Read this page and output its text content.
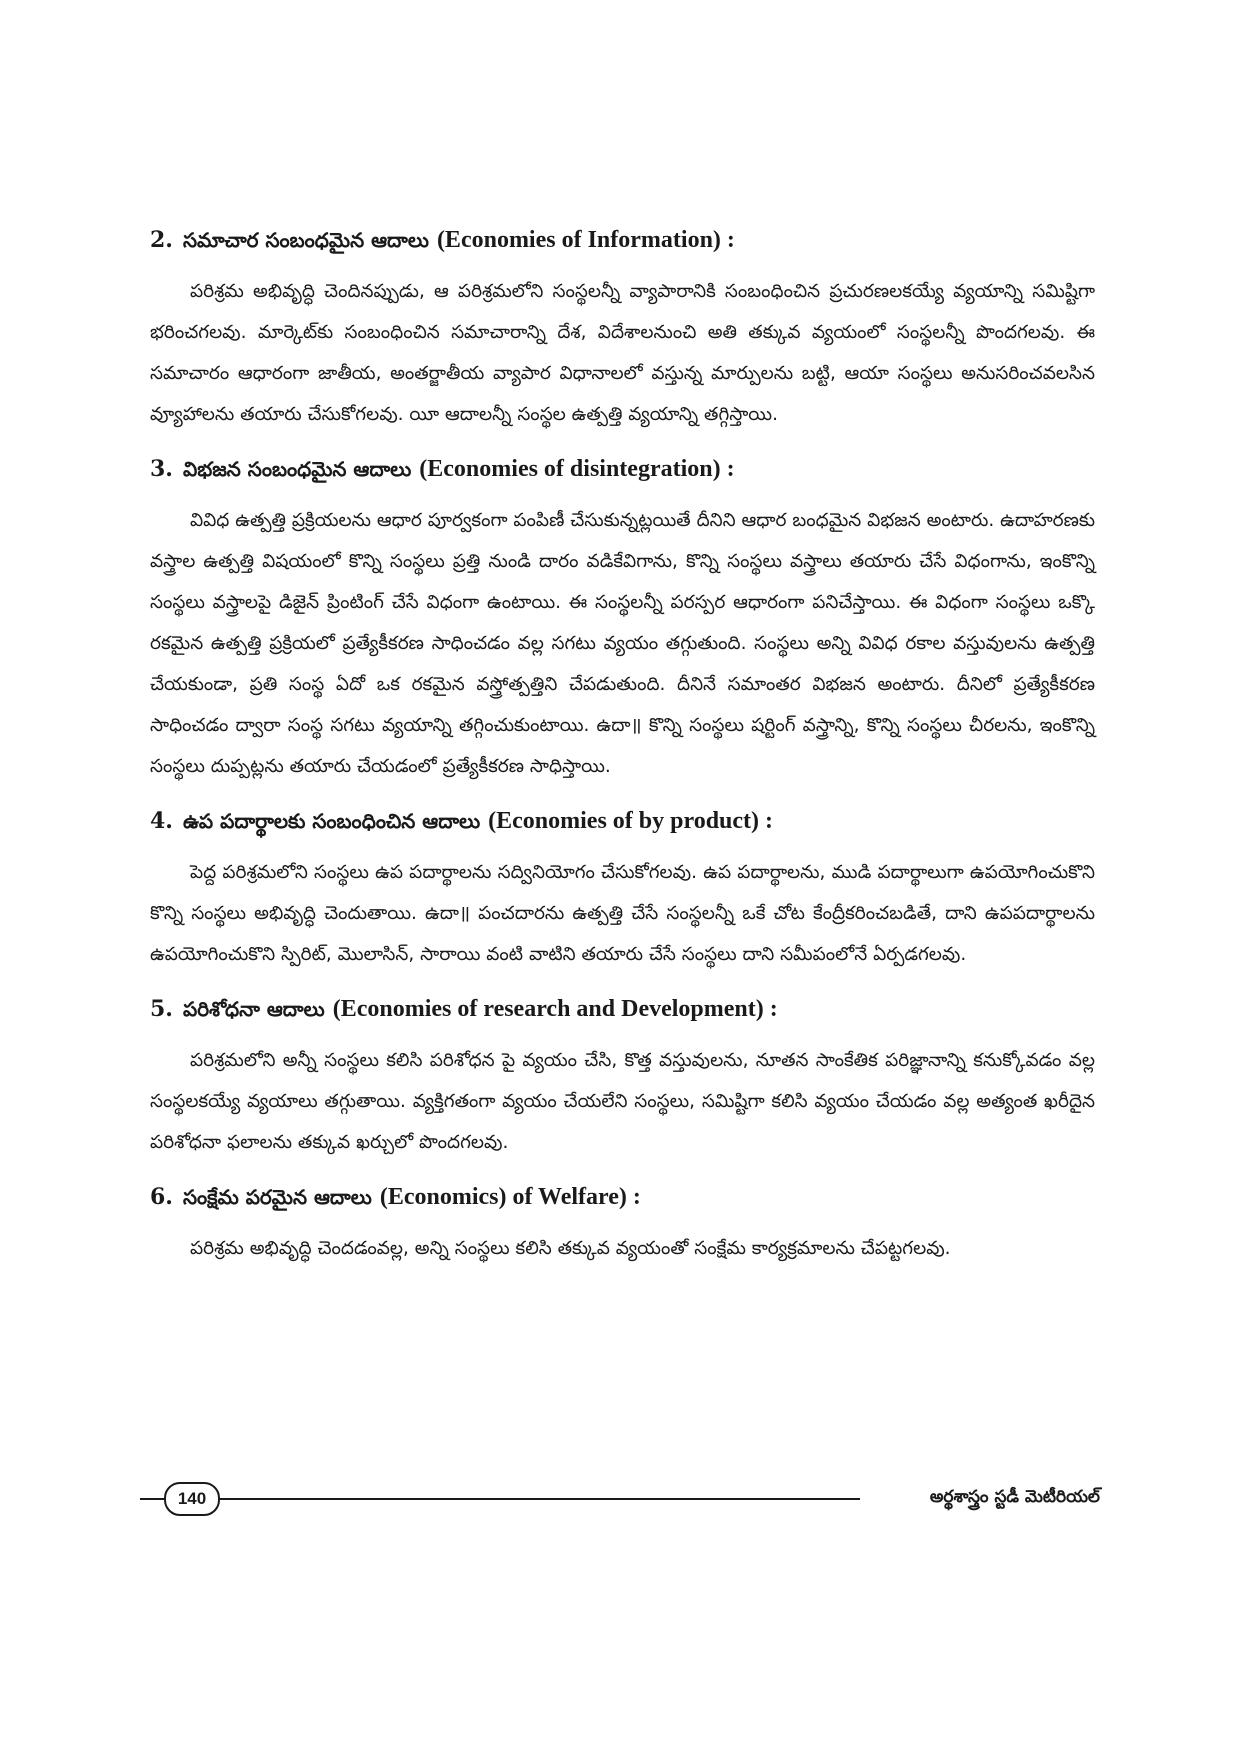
2. సమాచార సంబంధమైన ఆదాలు (Economies of Information) :

పరిశ్రమ అభివృద్ధి చెందినప్పుడు, ఆ పరిశ్రమలోని సంస్థలన్నీ వ్యాపారానికి సంబంధించిన ప్రచురణలకయ్యే వ్యయాన్ని సమిష్టిగా భరించగలవు. మార్కెట్‌కు సంబంధించిన సమాచారాన్ని దేశ, విదేశాలనుంచి అతి తక్కువ వ్యయంలో సంస్థలన్నీ పొందగలవు. ఈ సమాచారం ఆధారంగా జాతీయ, అంతర్జాతీయ వ్యాపార విధానాలలో వస్తున్న మార్పులను బట్టి, ఆయా సంస్థలు అనుసరించవలసిన వ్యూహాలను తయారు చేసుకోగలవు. యీ ఆదాలన్నీ సంస్థల ఉత్పత్తి వ్యయాన్ని తగ్గిస్తాయి.

3. విభజన సంబంధమైన ఆదాలు (Economies of disintegration) :

వివిధ ఉత్పత్తి ప్రక్రియలను ఆధార పూర్వకంగా పంపిణీ చేసుకున్నట్లయితే దీనిని ఆధార బంధమైన విభజన అంటారు. ఉదాహరణకు వస్త్రాల ఉత్పత్తి విషయంలో కొన్ని సంస్థలు ప్రత్తి నుండి దారం వడికేవిగాను, కొన్ని సంస్థలు వస్త్రాలు తయారు చేసే విధంగాను, ఇంకొన్ని సంస్థలు వస్త్రాలపై డిజైన్ ప్రింటింగ్ చేసే విధంగా ఉంటాయి. ఈ సంస్థలన్నీ పరస్పర ఆధారంగా పనిచేస్తాయి. ఈ విధంగా సంస్థలు ఒక్కొ రకమైన ఉత్పత్తి ప్రక్రియలో ప్రత్యేకీకరణ సాధించడం వల్ల సగటు వ్యయం తగ్గుతుంది. సంస్థలు అన్ని వివిధ రకాల వస్తువులను ఉత్పత్తి చేయకుండా, ప్రతి సంస్థ ఏదో ఒక రకమైన వస్త్రోత్పత్తిని చేపడుతుంది. దీనినే సమాంతర విభజన అంటారు. దీనిలో ప్రత్యేకీకరణ సాధించడం ద్వారా సంస్థ సగటు వ్యయాన్ని తగ్గించుకుంటాయి. ఉదా॥ కొన్ని సంస్థలు షర్టింగ్ వస్త్రాన్ని, కొన్ని సంస్థలు చీరలను, ఇంకొన్ని సంస్థలు దుప్పట్లను తయారు చేయడంలో ప్రత్యేకీకరణ సాధిస్తాయి.

4. ఉప పదార్థాలకు సంబంధించిన ఆదాలు (Economies of by product) :

పెద్ద పరిశ్రమలోని సంస్థలు ఉప పదార్థాలను సద్వినియోగం చేసుకోగలవు. ఉప పదార్థాలను, ముడి పదార్థాలుగా ఉపయోగించుకొని కొన్ని సంస్థలు అభివృద్ధి చెందుతాయి. ఉదా॥ పంచదారను ఉత్పత్తి చేసే సంస్థలన్నీ ఒకే చోట కేంద్రీకరించబడితే, దాని ఉపపదార్థాలను ఉపయోగించుకొని స్పిరిట్, మొలాసిన్, సారాయి వంటి వాటిని తయారు చేసే సంస్థలు దాని సమీపంలోనే ఏర్పడగలవు.

5. పరిశోధనా ఆదాలు (Economies of research and Development) :

పరిశ్రమలోని అన్నీ సంస్థలు కలిసి పరిశోధన పై వ్యయం చేసి, కొత్త వస్తువులను, నూతన సాంకేతిక పరిజ్ఞానాన్ని కనుక్కోవడం వల్ల సంస్థలకయ్యే వ్యయాలు తగ్గుతాయి. వ్యక్తిగతంగా వ్యయం చేయలేని సంస్థలు, సమిష్టిగా కలిసి వ్యయం చేయడం వల్ల అత్యంత ఖరీదైన పరిశోధనా ఫలాలను తక్కువ ఖర్చులో పొందగలవు.

6. సంక్షేమ పరమైన ఆదాలు (Economics) of Welfare) :

పరిశ్రమ అభివృద్ధి చెందడంవల్ల, అన్ని సంస్థలు కలిసి తక్కువ వ్యయంతో సంక్షేమ కార్యక్రమాలను చేపట్టగలవు.

140	అర్థశాస్త్రం స్టడీ మెటీరియల్
